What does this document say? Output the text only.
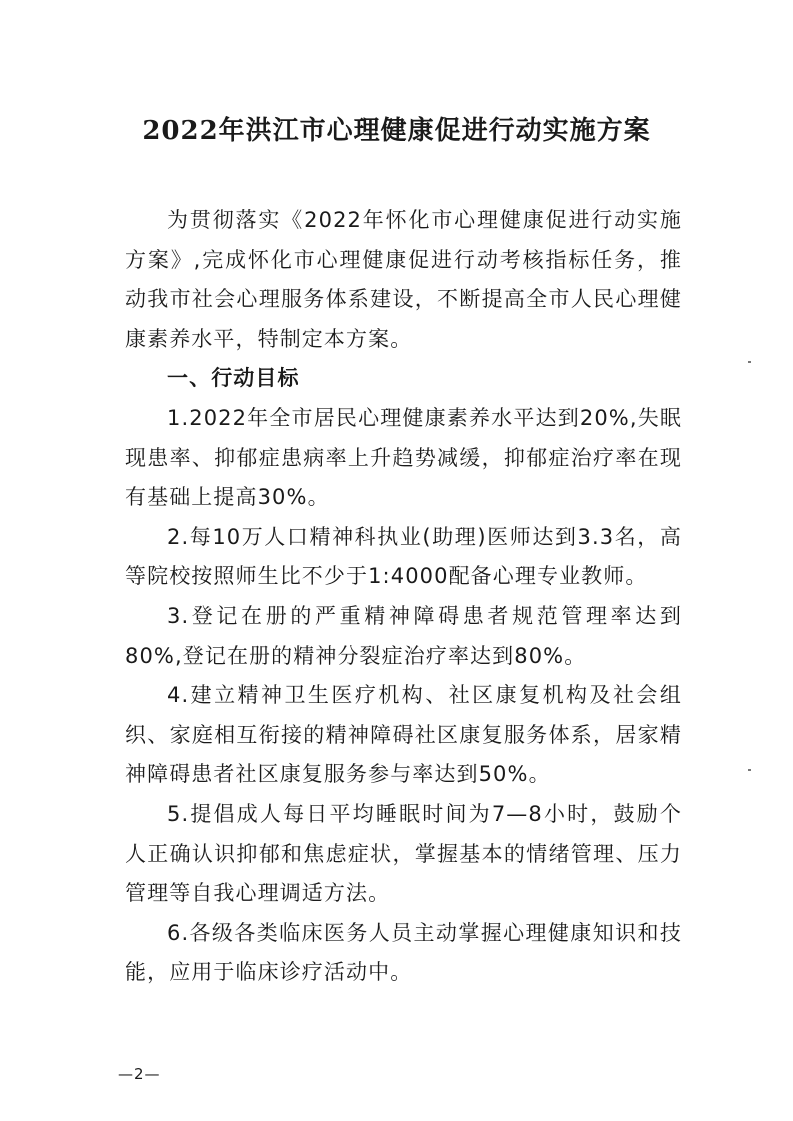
2022年洪江市心理健康促进行动实施方案

为贯彻落实《2022年怀化市心理健康促进行动实施方案》,完成怀化市心理健康促进行动考核指标任务，推动我市社会心理服务体系建设，不断提高全市人民心理健康素养水平，特制定本方案。

一、行动目标

1.2022年全市居民心理健康素养水平达到20%,失眠现患率、抑郁症患病率上升趋势减缓，抑郁症治疗率在现有基础上提高30%。

2.每10万人口精神科执业(助理)医师达到3.3名，高等院校按照师生比不少于1:4000配备心理专业教师。

3.登记在册的严重精神障碍患者规范管理率达到80%,登记在册的精神分裂症治疗率达到80%。

4.建立精神卫生医疗机构、社区康复机构及社会组织、家庭相互衔接的精神障碍社区康复服务体系，居家精神障碍患者社区康复服务参与率达到50%。

5.提倡成人每日平均睡眠时间为7—8小时，鼓励个人正确认识抑郁和焦虑症状，掌握基本的情绪管理、压力管理等自我心理调适方法。

6.各级各类临床医务人员主动掌握心理健康知识和技能，应用于临床诊疗活动中。

—2—
